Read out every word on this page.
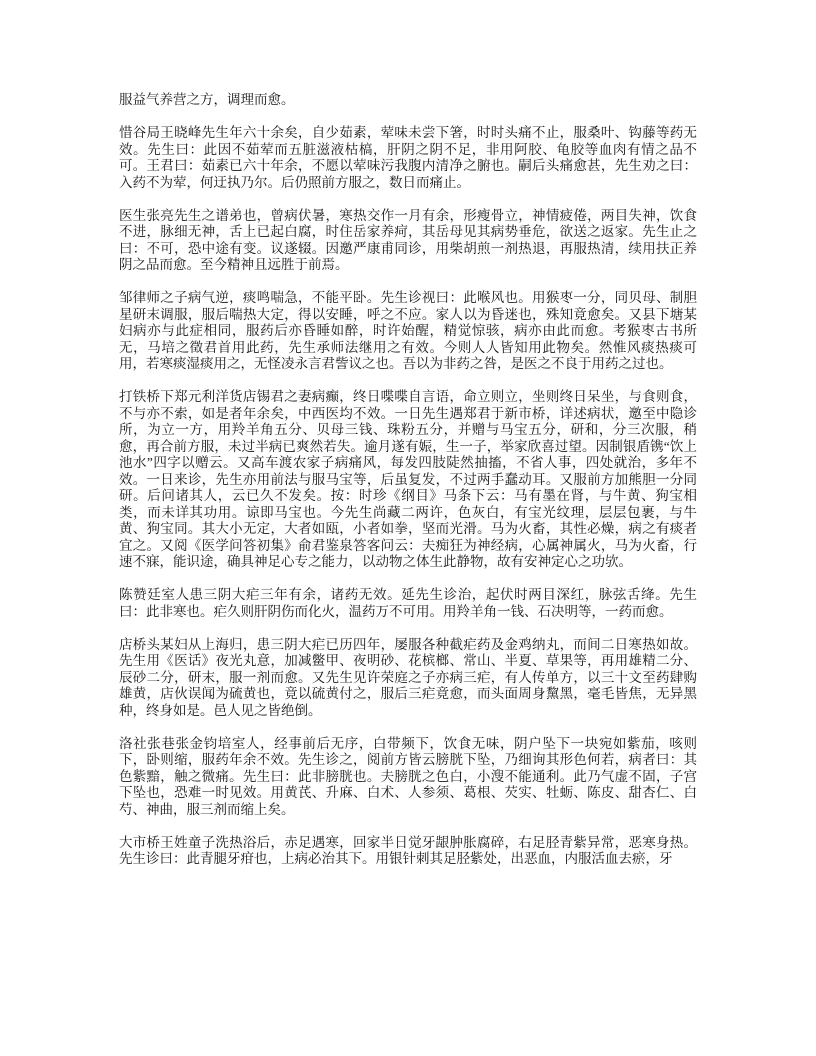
服益气养营之方，调理而愈。

惜谷局王晓峰先生年六十余矣，自少茹素，荤味未尝下箸，时时头痛不止，服桑叶、钩藤等药无效。先生曰：此因不茹荤而五脏滋液枯槁，肝阴之阴不足，非用阿胶、龟胶等血肉有情之品不可。王君曰：茹素已六十年余，不愿以荤味污我腹内清净之腑也。嗣后头痛愈甚，先生劝之曰：入药不为荤，何迂执乃尔。后仍照前方服之，数日而痛止。

医生张亮先生之谱弟也，曾病伏暑，寒热交作一月有余，形瘦骨立，神情疲倦，两目失神，饮食不进，脉细无神，舌上已起白腐，时住岳家养疴，其岳母见其病势垂危，欲送之返家。先生止之曰：不可，恐中途有变。议遂辍。因邀严康甫同诊，用柴胡煎一剂热退，再服热清，续用扶正养阴之品而愈。至今精神且远胜于前焉。

邹律师之子病气逆，痰鸣喘急，不能平卧。先生诊视曰：此喉风也。用猴枣一分，同贝母、制胆星研末调服，服后喘热大定，得以安睡，呼之不应。家人以为昏迷也，殊知竟愈矣。又县下塘某妇病亦与此症相同，服药后亦昏睡如醉，时许始醒，精觉惊骇，病亦由此而愈。考猴枣古书所无，马培之徵君首用此药，先生承师法继用之有效。今则人人皆知用此物矣。然惟风痰热痰可用，若寒痰湿痰用之，无怪凌永言君訾议之也。吾以为非药之咎，是医之不良于用药之过也。

打铁桥下郑元利洋货店锡君之妻病癫，终日喋喋自言语，命立则立，坐则终日呆坐，与食则食，不与亦不索，如是者年余矣，中西医均不效。一日先生遇郑君于新市桥，详述病状，邀至中隐诊所，为立一方，用羚羊角五分、贝母三钱、珠粉五分，并赠与马宝五分，研和，分三次服，稍愈，再合前方服，未过半病已爽然若失。逾月遂有娠，生一子，举家欣喜过望。因制银盾镌“饮上池水”四字以赠云。又高车渡农家子病痛风，每发四肢陡然抽搐，不省人事，四处就治，多年不效。一日来诊，先生亦用前法与服马宝等，后虽复发，不过两手蠢动耳。又服前方加熊胆一分同研。后问诸其人，云已久不发矣。按：时珍《纲目》马条下云：马有墨在肾，与牛黄、狗宝相类，而未详其功用。谅即马宝也。今先生尚藏二两许，色灰白，有宝光纹理，层层包裹，与牛黄、狗宝同。其大小无定，大者如瓯，小者如拳，坚而光滑。马为火畜，其性必燥，病之有痰者宜之。又阅《医学问答初集》俞君鉴泉答客问云：夫痴狂为神经病，心属神属火，马为火畜，行速不寐，能识途，确具神足心专之能力，以动物之体生此静物，故有安神定心之功欤。

陈赞廷室人患三阴大疟三年有余，诸药无效。延先生诊治，起伏时两目深红，脉弦舌绛。先生曰：此非寒也。疟久则肝阴伤而化火，温药万不可用。用羚羊角一钱、石决明等，一药而愈。

店桥头某妇从上海归，患三阴大疟已历四年，屡服各种截疟药及金鸡纳丸，而间二日寒热如故。先生用《医话》夜光丸意，加减鳖甲、夜明砂、花槟榔、常山、半夏、草果等，再用雄精二分、辰砂二分，研末，服一剂而愈。又先生见许荣庭之子亦病三疟，有人传单方，以三十文至药肆购雄黄，店伙误闻为硫黄也，竟以硫黄付之，服后三疟竟愈，而头面周身黧黑，毫毛皆焦，无异黑种，终身如是。邑人见之皆绝倒。

洛社张巷张金钧培室人，经事前后无序，白带频下，饮食无味，阴户坠下一块宛如紫茄，咳则下，卧则缩，服药年余不效。先生诊之，阅前方皆云膀胱下坠，乃细询其形色何若，病者曰：其色紫黯，触之微痛。先生曰：此非膀胱也。夫膀胱之色白，小溲不能通利。此乃气虚不固，子宫下坠也，恐难一时见效。用黄芪、升麻、白术、人参须、葛根、芡实、牡蛎、陈皮、甜杏仁、白芍、神曲，服三剂而缩上矣。

大市桥王姓童子洗热浴后，赤足遇寒，回家半日觉牙龈肿胀腐碎，右足胫青紫异常，恶寒身热。先生诊曰：此青腿牙疳也，上病必治其下。用银针刺其足胫紫处，出恶血，内服活血去瘀，牙
